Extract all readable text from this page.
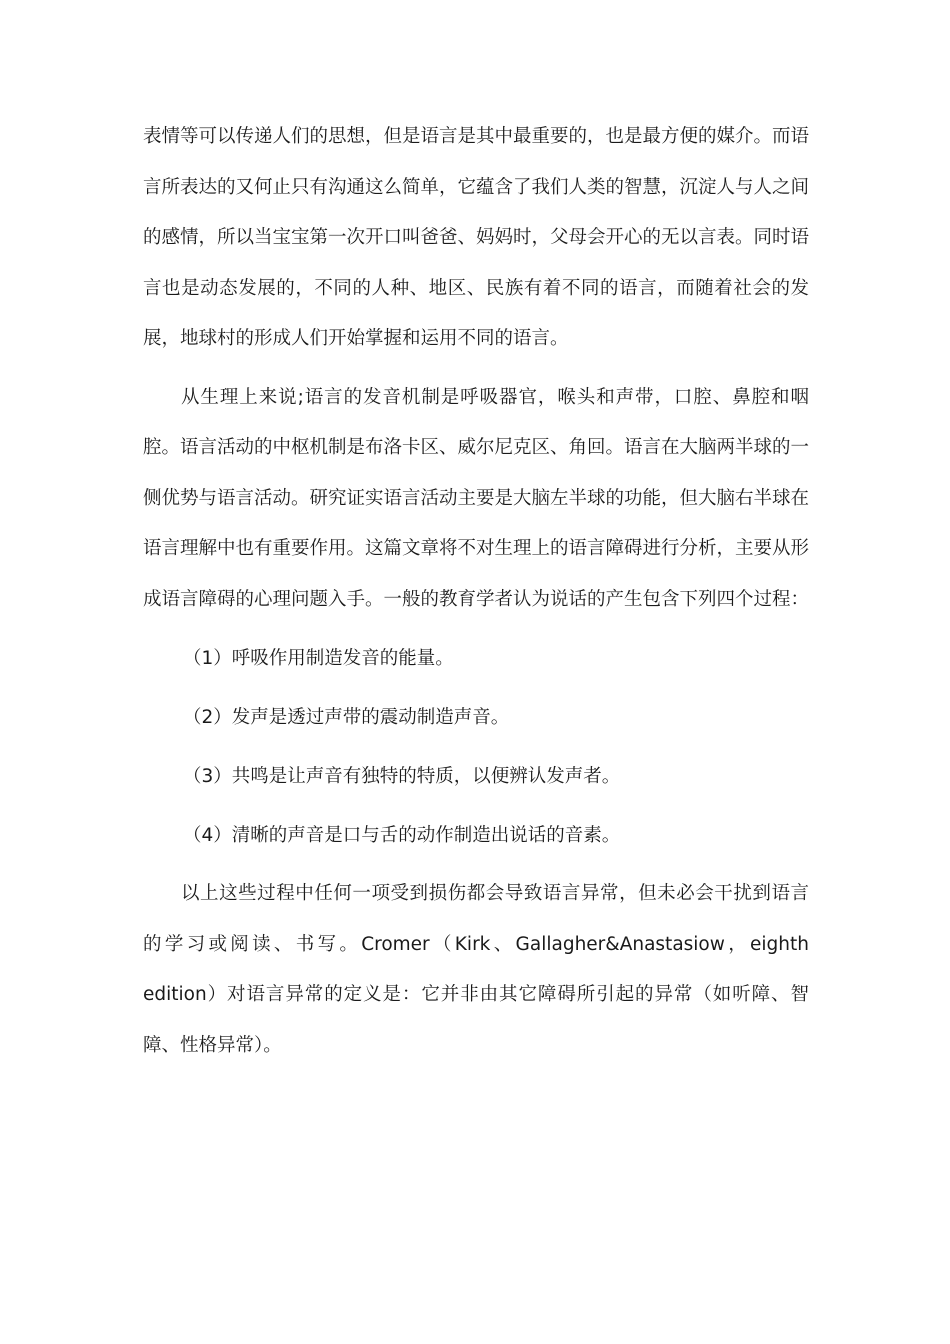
表情等可以传递人们的思想，但是语言是其中最重要的，也是最方便的媒介。而语言所表达的又何止只有沟通这么简单，它蕴含了我们人类的智慧，沉淀人与人之间的感情，所以当宝宝第一次开口叫爸爸、妈妈时，父母会开心的无以言表。同时语言也是动态发展的，不同的人种、地区、民族有着不同的语言，而随着社会的发展，地球村的形成人们开始掌握和运用不同的语言。

从生理上来说;语言的发音机制是呼吸器官，喉头和声带，口腔、鼻腔和咽腔。语言活动的中枢机制是布洛卡区、威尔尼克区、角回。语言在大脑两半球的一侧优势与语言活动。研究证实语言活动主要是大脑左半球的功能，但大脑右半球在语言理解中也有重要作用。这篇文章将不对生理上的语言障碍进行分析，主要从形成语言障碍的心理问题入手。一般的教育学者认为说话的产生包含下列四个过程：

（1）呼吸作用制造发音的能量。

（2）发声是透过声带的震动制造声音。

（3）共鸣是让声音有独特的特质，以便辨认发声者。

（4）清晰的声音是口与舌的动作制造出说话的音素。

以上这些过程中任何一项受到损伤都会导致语言异常，但未必会干扰到语言的学习或阅读、书写。Cromer（Kirk、Gallagher&Anastasiow，eighth edition）对语言异常的定义是：它并非由其它障碍所引起的异常（如听障、智障、性格异常）。
